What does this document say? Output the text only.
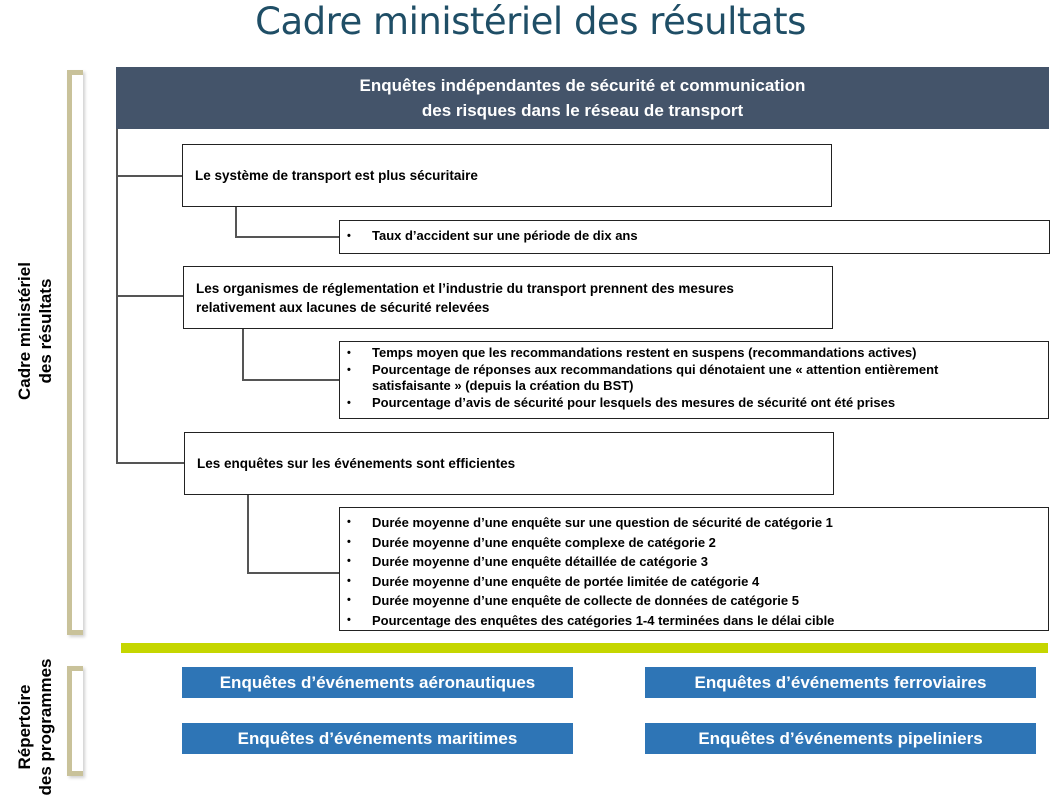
Cadre ministériel des résultats
Cadre ministériel des résultats
Répertoire des programmes
Enquêtes indépendantes de sécurité et communication
des risques dans le réseau de transport
Le système de transport est plus sécuritaire
• Taux d’accident sur une période de dix ans
Les organismes de réglementation et l’industrie du transport prennent des mesures
relativement aux lacunes de sécurité relevées
• Temps moyen que les recommandations restent en suspens (recommandations actives)
• Pourcentage de réponses aux recommandations qui dénotaient une « attention entièrement satisfaisante » (depuis la création du BST)
• Pourcentage d’avis de sécurité pour lesquels des mesures de sécurité ont été prises
Les enquêtes sur les événements sont efficientes
• Durée moyenne d’une enquête sur une question de sécurité de catégorie 1
• Durée moyenne d’une enquête complexe de catégorie 2
• Durée moyenne d’une enquête détaillée de catégorie 3
• Durée moyenne d’une enquête de portée limitée de catégorie 4
• Durée moyenne d’une enquête de collecte de données de catégorie 5
• Pourcentage des enquêtes des catégories 1-4 terminées dans le délai cible
Enquêtes d’événements aéronautiques	Enquêtes d’événements ferroviaires
Enquêtes d’événements maritimes	Enquêtes d’événements pipeliniers
